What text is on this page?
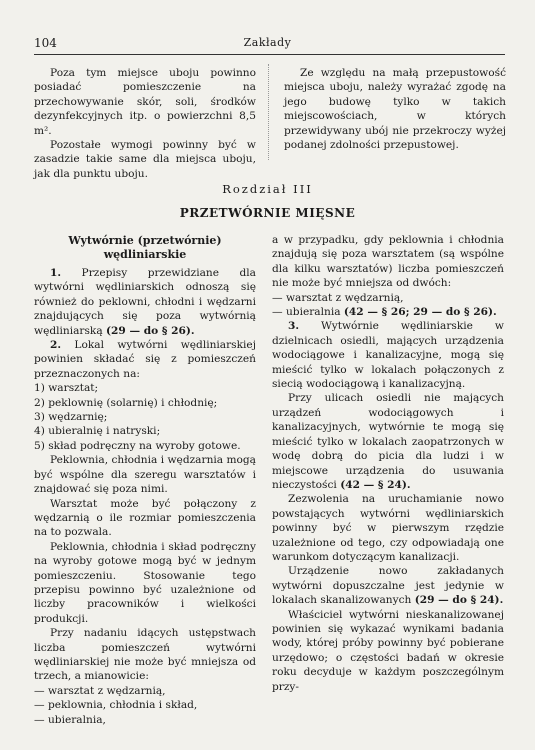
104	Zakłady

Poza tym miejsce uboju powinno posiadać pomieszczenie na przechowywanie skór, soli, środków dezynfekcyjnych itp. o powierzchni 8,5 m².

Pozostałe wymogi powinny być w zasadzie takie same dla miejsca uboju, jak dla punktu uboju.

Ze względu na małą przepustowość miejsca uboju, należy wyrażać zgodę na jego budowę tylko w takich miejscowościach, w których przewidywany ubój nie przekroczy wyżej podanej zdolności przepustowej.

Rozdział III
PRZETWÓRNIE MIĘSNE

Wytwórnie (przetwórnie)
wędliniarskie

1. Przepisy przewidziane dla wytwórni wędliniarskich odnoszą się również do peklowni, chłodni i wędzarni znajdujących się poza wytwórnią wędliniarską (29 — do § 26).

2. Lokal wytwórni wędliniarskiej powinien składać się z pomieszczeń przeznaczonych na:

1) warsztat;
2) peklownię (solarnię) i chłodnię;
3) wędzarnię;
4) ubieralnię i natryski;
5) skład podręczny na wyroby gotowe.

Peklownia, chłodnia i wędzarnia mogą być wspólne dla szeregu warsztatów i znajdować się poza nimi.

Warsztat może być połączony z wędzarnią o ile rozmiar pomieszczenia na to pozwala.

Peklownia, chłodnia i skład podręczny na wyroby gotowe mogą być w jednym pomieszczeniu. Stosowanie tego przepisu powinno być uzależnione od liczby pracowników i wielkości produkcji.

Przy nadaniu idących ustępstwach liczba pomieszczeń wytwórni wędliniarskiej nie może być mniejsza od trzech, a mianowicie:

— warsztat z wędzarnią,
— peklownia, chłodnia i skład,
— ubieralnia,

a w przypadku, gdy peklownia i chłodnia znajdują się poza warsztatem (są wspólne dla kilku warsztatów) liczba pomieszczeń nie może być mniejsza od dwóch:

— warsztat z wędzarnią,
— ubieralnia (42 — § 26; 29 — do § 26).

3. Wytwórnie wędliniarskie w dzielnicach osiedli, mających urządzenia wodociągowe i kanalizacyjne, mogą się mieścić tylko w lokalach połączonych z siecią wodociągową i kanalizacyjną.

Przy ulicach osiedli nie mających urządzeń wodociągowych i kanalizacyjnych, wytwórnie te mogą się mieścić tylko w lokalach zaopatrzonych w wodę dobrą do picia dla ludzi i w miejscowe urządzenia do usuwania nieczystości (42 — § 24).

Zezwolenia na uruchamianie nowo powstających wytwórni wędliniarskich powinny być w pierwszym rzędzie uzależnione od tego, czy odpowiadają one warunkom dotyczącym kanalizacji.

Urządzenie nowo zakładanych wytwórni dopuszczalne jest jedynie w lokalach skanalizowanych (29 — do § 24).

Właściciel wytwórni nieskanalizowanej powinien się wykazać wynikami badania wody, której próby powinny być pobierane urzędowo; o częstości badań w okresie roku decyduje w każdym poszczególnym przy-
